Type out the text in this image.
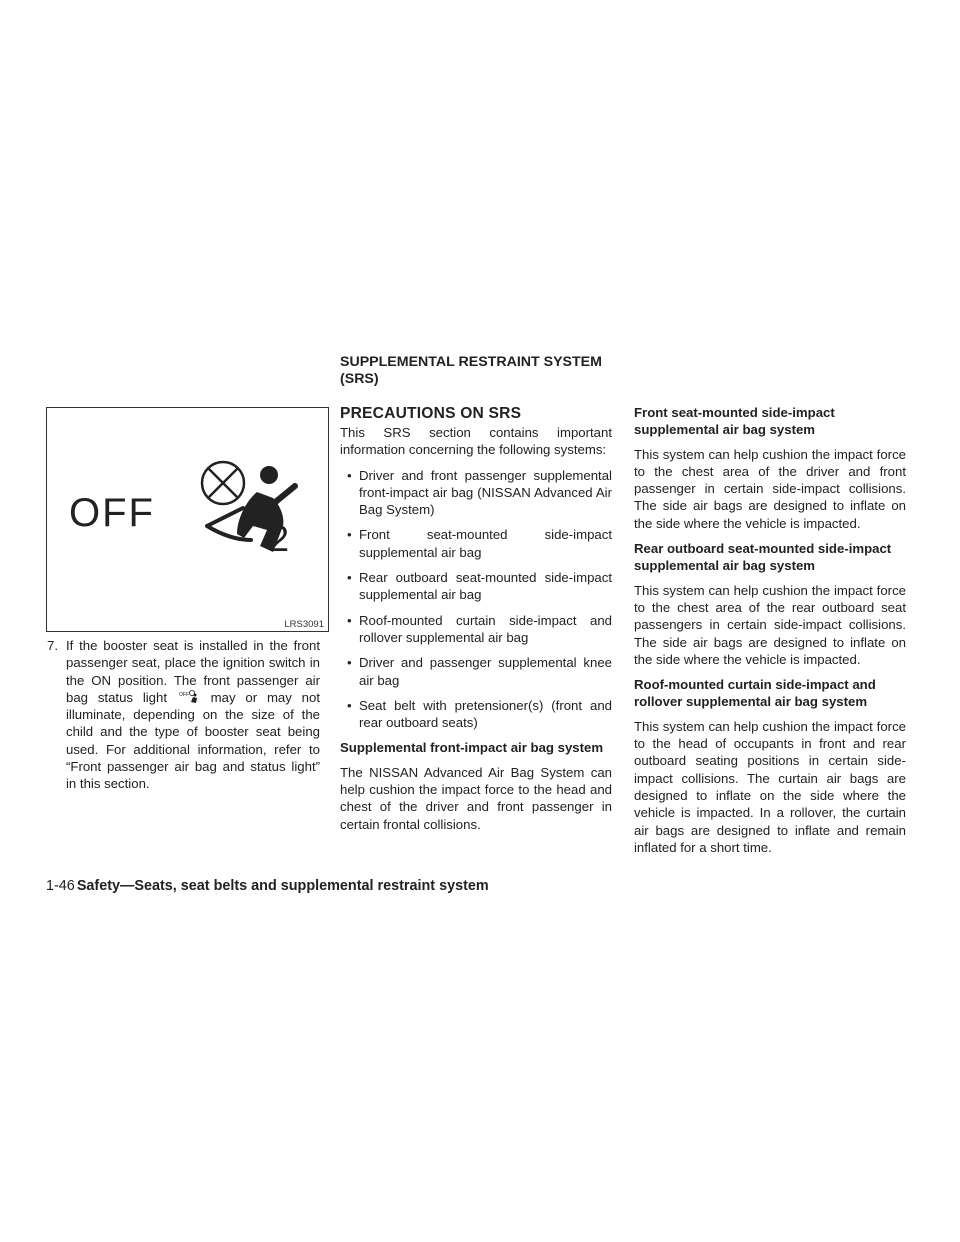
SUPPLEMENTAL RESTRAINT SYSTEM (SRS)
OFF
2
LRS3091

7. If the booster seat is installed in the front passenger seat, place the ignition switch in the ON position. The front passenger air bag status light OFF may or may not illuminate, depending on the size of the child and the type of booster seat being used. For additional information, refer to “Front passenger air bag and status light” in this section.

PRECAUTIONS ON SRS

This SRS section contains important information concerning the following systems:

• Driver and front passenger supplemental front-impact air bag (NISSAN Advanced Air Bag System)
• Front seat-mounted side-impact supplemental air bag
• Rear outboard seat-mounted side-impact supplemental air bag
• Roof-mounted curtain side-impact and rollover supplemental air bag
• Driver and passenger supplemental knee air bag
• Seat belt with pretensioner(s) (front and rear outboard seats)

Supplemental front-impact air bag system

The NISSAN Advanced Air Bag System can help cushion the impact force to the head and chest of the driver and front passenger in certain frontal collisions.

Front seat-mounted side-impact supplemental air bag system

This system can help cushion the impact force to the chest area of the driver and front passenger in certain side-impact collisions. The side air bags are designed to inflate on the side where the vehicle is impacted.

Rear outboard seat-mounted side-impact supplemental air bag system

This system can help cushion the impact force to the chest area of the rear outboard seat passengers in certain side-impact collisions. The side air bags are designed to inflate on the side where the vehicle is impacted.

Roof-mounted curtain side-impact and rollover supplemental air bag system

This system can help cushion the impact force to the head of occupants in front and rear outboard seating positions in certain side-impact collisions. The curtain air bags are designed to inflate on the side where the vehicle is impacted. In a rollover, the curtain air bags are designed to inflate and remain inflated for a short time.

1-46 Safety—Seats, seat belts and supplemental restraint system
